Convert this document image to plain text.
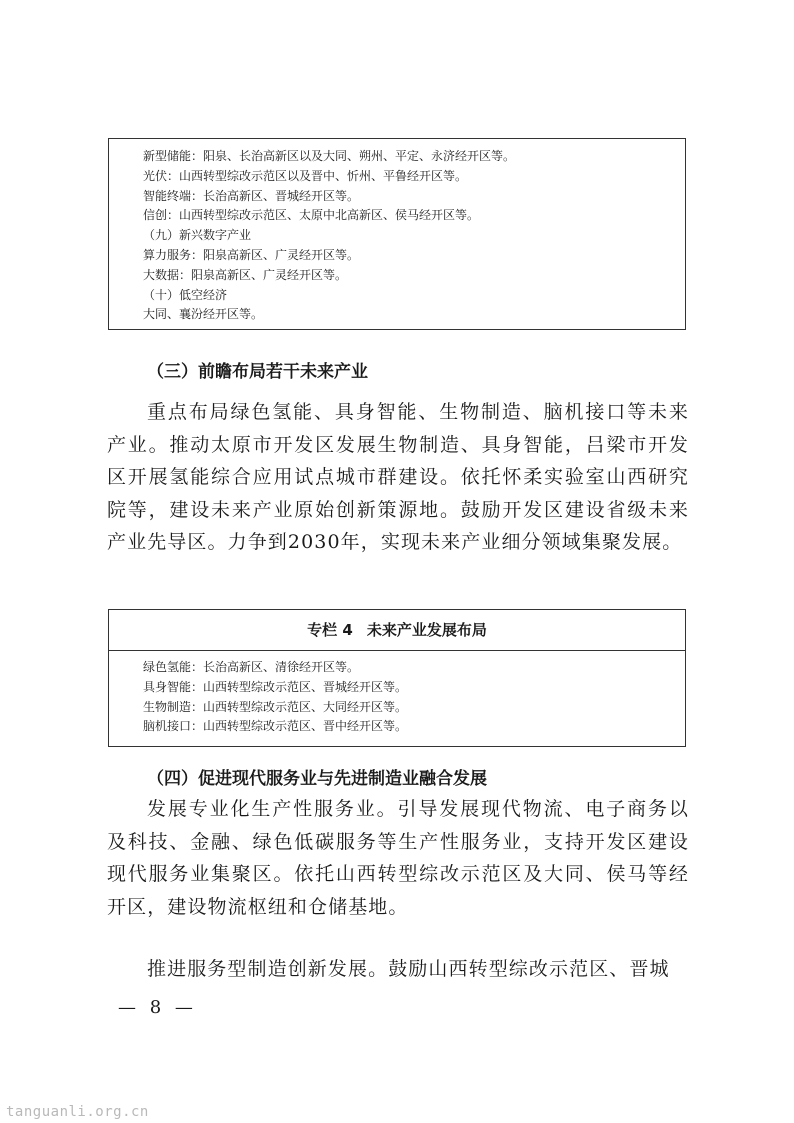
新型储能：阳泉、长治高新区以及大同、朔州、平定、永济经开区等。
光伏：山西转型综改示范区以及晋中、忻州、平鲁经开区等。
智能终端：长治高新区、晋城经开区等。
信创：山西转型综改示范区、太原中北高新区、侯马经开区等。
（九）新兴数字产业
算力服务：阳泉高新区、广灵经开区等。
大数据：阳泉高新区、广灵经开区等。
（十）低空经济
大同、襄汾经开区等。
（三）前瞻布局若干未来产业
重点布局绿色氢能、具身智能、生物制造、脑机接口等未来产业。推动太原市开发区发展生物制造、具身智能，吕梁市开发区开展氢能综合应用试点城市群建设。依托怀柔实验室山西研究院等，建设未来产业原始创新策源地。鼓励开发区建设省级未来产业先导区。力争到2030年，实现未来产业细分领域集聚发展。
专栏 4 未来产业发展布局
绿色氢能：长治高新区、清徐经开区等。
具身智能：山西转型综改示范区、晋城经开区等。
生物制造：山西转型综改示范区、大同经开区等。
脑机接口：山西转型综改示范区、晋中经开区等。
（四）促进现代服务业与先进制造业融合发展
发展专业化生产性服务业。引导发展现代物流、电子商务以及科技、金融、绿色低碳服务等生产性服务业，支持开发区建设现代服务业集聚区。依托山西转型综改示范区及大同、侯马等经开区，建设物流枢纽和仓储基地。
推进服务型制造创新发展。鼓励山西转型综改示范区、晋城
— 8 —
tanguanli.org.cn
